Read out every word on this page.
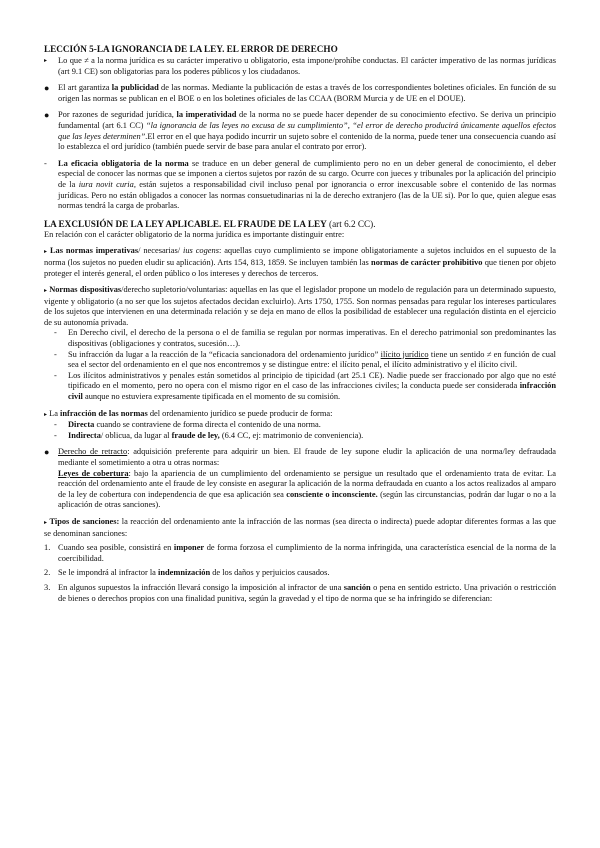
LECCIÓN 5-LA IGNORANCIA DE LA LEY. EL ERROR DE DERECHO
▸	Lo que ≠ a la norma jurídica es su carácter imperativo u obligatorio, esta impone/prohíbe conductas. El carácter imperativo de las normas jurídicas (art 9.1 CE) son obligatorias para los poderes públicos y los ciudadanos.
●	El art garantiza la publicidad de las normas. Mediante la publicación de estas a través de los correspondientes boletines oficiales. En función de su origen las normas se publican en el BOE o en los boletines oficiales de las CCAA (BORM Murcia y de UE en el DOUE).
●	Por razones de seguridad jurídica, la imperatividad de la norma no se puede hacer depender de su conocimiento efectivo. Se deriva un principio fundamental (art 6.1 CC) “la ignorancia de las leyes no excusa de su cumplimiento”, “el error de derecho producirá únicamente aquellos efectos que las leyes determinen”.El error en el que haya podido incurrir un sujeto sobre el contenido de la norma, puede tener una consecuencia cuando así lo establezca el ord jurídico (también puede servir de base para anular el contrato por error).
-	La eficacia obligatoria de la norma se traduce en un deber general de cumplimiento pero no en un deber general de conocimiento, el deber especial de conocer las normas que se imponen a ciertos sujetos por razón de su cargo. Ocurre con jueces y tribunales por la aplicación del principio de la iura novit curia, están sujetos a responsabilidad civil incluso penal por ignorancia o error inexcusable sobre el contenido de las normas jurídicas. Pero no están obligados a conocer las normas consuetudinarias ni la de derecho extranjero (las de la UE si). Por lo que, quien alegue esas normas tendrá la carga de probarlas.
LA EXCLUSIÓN DE LA LEY APLICABLE. EL FRAUDE DE LA LEY (art 6.2 CC).

En relación con el carácter obligatorio de la norma jurídica es importante distinguir entre:

▸ Las normas imperativas/ necesarias/ ius cogens: aquellas cuyo cumplimiento se impone obligatoriamente a sujetos incluidos en el supuesto de la norma (los sujetos no pueden eludir su aplicación). Arts 154, 813, 1859. Se incluyen también las normas de carácter prohibitivo que tienen por objeto proteger el interés general, el orden público o los intereses y derechos de terceros.
▸ Normas dispositivas/derecho supletorio/voluntarias: aquellas en las que el legislador propone un modelo de regulación para un determinado supuesto, vigente y obligatorio (a no ser que los sujetos afectados decidan excluirlo). Arts 1750, 1755. Son normas pensadas para regular los intereses particulares de los sujetos que intervienen en una determinada relación y se deja en mano de ellos la posibilidad de establecer una regulación distinta en el ejercicio de su autonomía privada.
-	En Derecho civil, el derecho de la persona o el de familia se regulan por normas imperativas. En el derecho patrimonial son predominantes las dispositivas (obligaciones y contratos, sucesión…).
-	Su infracción da lugar a la reacción de la “eficacia sancionadora del ordenamiento jurídico” ilícito jurídico tiene un sentido ≠ en función de cual sea el sector del ordenamiento en el que nos encontremos y se distingue entre: el ilícito penal, el ilícito administrativo y el ilícito civil.
-	Los ilícitos administrativos y penales están sometidos al principio de tipicidad (art 25.1 CE). Nadie puede ser fraccionado por algo que no esté tipificado en el momento, pero no opera con el mismo rigor en el caso de las infracciones civiles; la conducta puede ser considerada infracción civil aunque no estuviera expresamente tipificada en el momento de su comisión.
▸ La infracción de las normas del ordenamiento jurídico se puede producir de forma:
-	Directa cuando se contraviene de forma directa el contenido de una norma.
-	Indirecta/ oblicua, da lugar al fraude de ley, (6.4 CC, ej: matrimonio de conveniencia).
●	Derecho de retracto: adquisición preferente para adquirir un bien. El fraude de ley supone eludir la aplicación de una norma/ley defraudada mediante el sometimiento a otra u otras normas:

Leyes de cobertura: bajo la apariencia de un cumplimiento del ordenamiento se persigue un resultado que el ordenamiento trata de evitar. La reacción del ordenamiento ante el fraude de ley consiste en asegurar la aplicación de la norma defraudada en cuanto a los actos realizados al amparo de la ley de cobertura con independencia de que esa aplicación sea consciente o inconsciente. (según las circunstancias, podrán dar lugar o no a la aplicación de otras sanciones).

▸ Tipos de sanciones: la reacción del ordenamiento ante la infracción de las normas (sea directa o indirecta) puede adoptar diferentes formas a las que se denominan sanciones:
1. Cuando sea posible, consistirá en imponer de forma forzosa el cumplimiento de la norma infringida, una característica esencial de la norma de la coercibilidad.
2. Se le impondrá al infractor la indemnización de los daños y perjuicios causados.
3. En algunos supuestos la infracción llevará consigo la imposición al infractor de una sanción o pena en sentido estricto. Una privación o restricción de bienes o derechos propios con una finalidad punitiva, según la gravedad y el tipo de norma que se ha infringido se diferencian:
